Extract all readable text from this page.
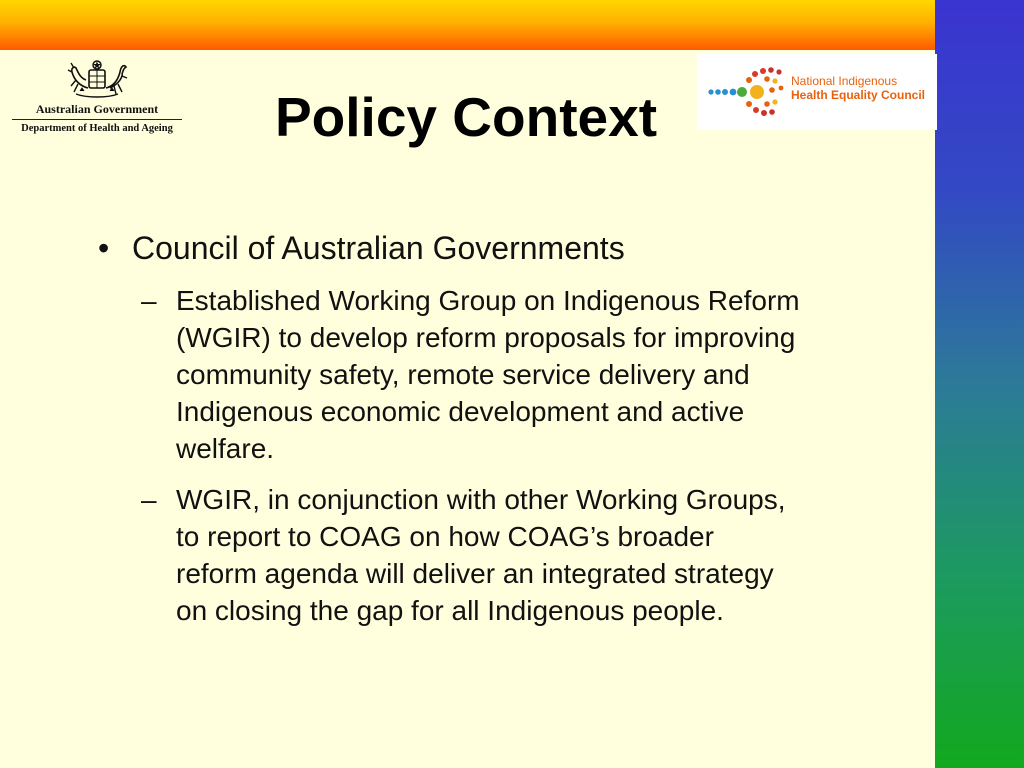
Australian Government
Department of Health and Ageing Policy Context
National Indigenous
Health Equality Council
• Council of Australian Governments
– Established Working Group on Indigenous Reform
(WGIR) to develop reform proposals for improving
community safety, remote service delivery and
Indigenous economic development and active
welfare.
– WGIR, in conjunction with other Working Groups,
to report to COAG on how COAG’s broader
reform agenda will deliver an integrated strategy
on closing the gap for all Indigenous people.
